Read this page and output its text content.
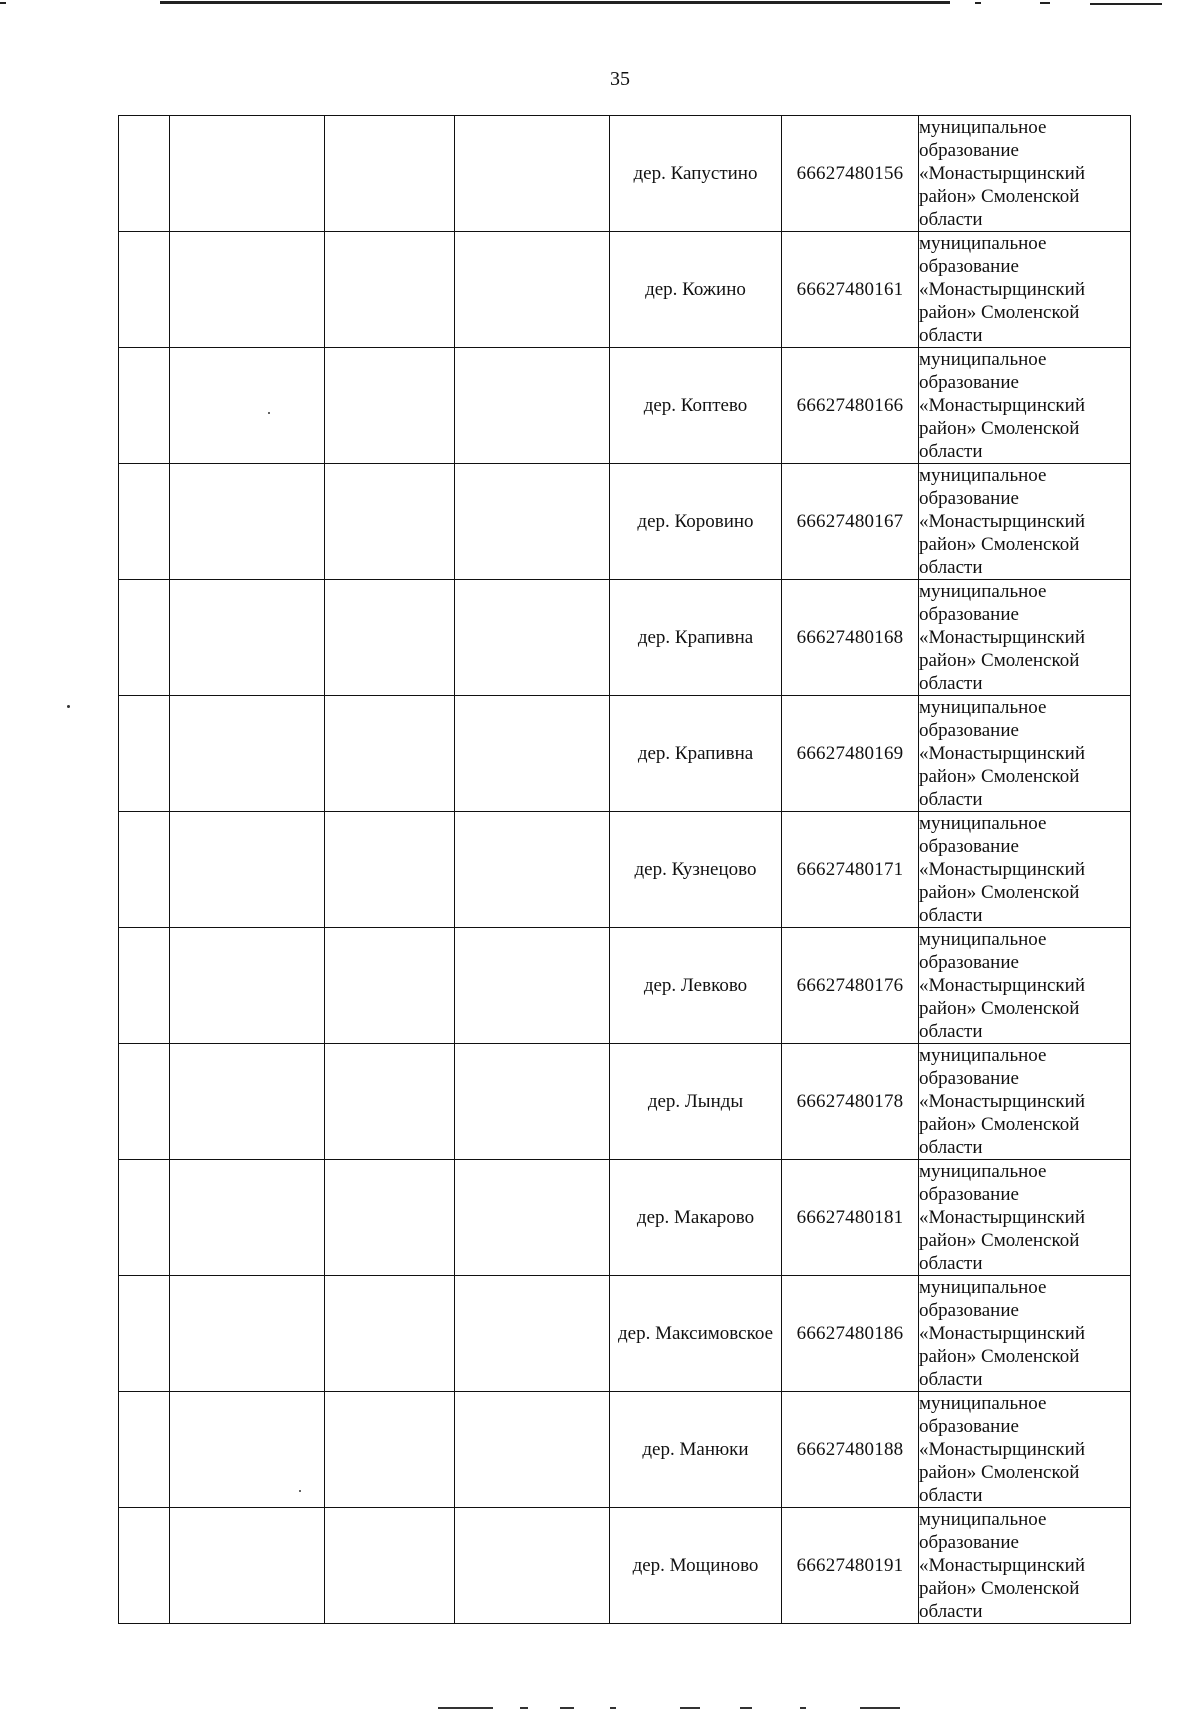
35
				дер. Капустино	66627480156	муниципальное
образование
«Монастырщинский
район» Смоленской
области

				дер. Кожино	66627480161	муниципальное
образование
«Монастырщинский
район» Смоленской
области

				дер. Коптево	66627480166	муниципальное
образование
«Монастырщинский
район» Смоленской
области

				дер. Коровино	66627480167	муниципальное
образование
«Монастырщинский
район» Смоленской
области

				дер. Крапивна	66627480168	муниципальное
образование
«Монастырщинский
район» Смоленской
области

				дер. Крапивна	66627480169	муниципальное
образование
«Монастырщинский
район» Смоленской
области

				дер. Кузнецово	66627480171	муниципальное
образование
«Монастырщинский
район» Смоленской
области

				дер. Левково	66627480176	муниципальное
образование
«Монастырщинский
район» Смоленской
области

				дер. Лынды	66627480178	муниципальное
образование
«Монастырщинский
район» Смоленской
области

				дер. Макарово	66627480181	муниципальное
образование
«Монастырщинский
район» Смоленской
области

				дер. Максимовское	66627480186	муниципальное
образование
«Монастырщинский
район» Смоленской
области

				дер. Манюки	66627480188	муниципальное
образование
«Монастырщинский
район» Смоленской
области

				дер. Мощиново	66627480191	муниципальное
образование
«Монастырщинский
район» Смоленской
области
